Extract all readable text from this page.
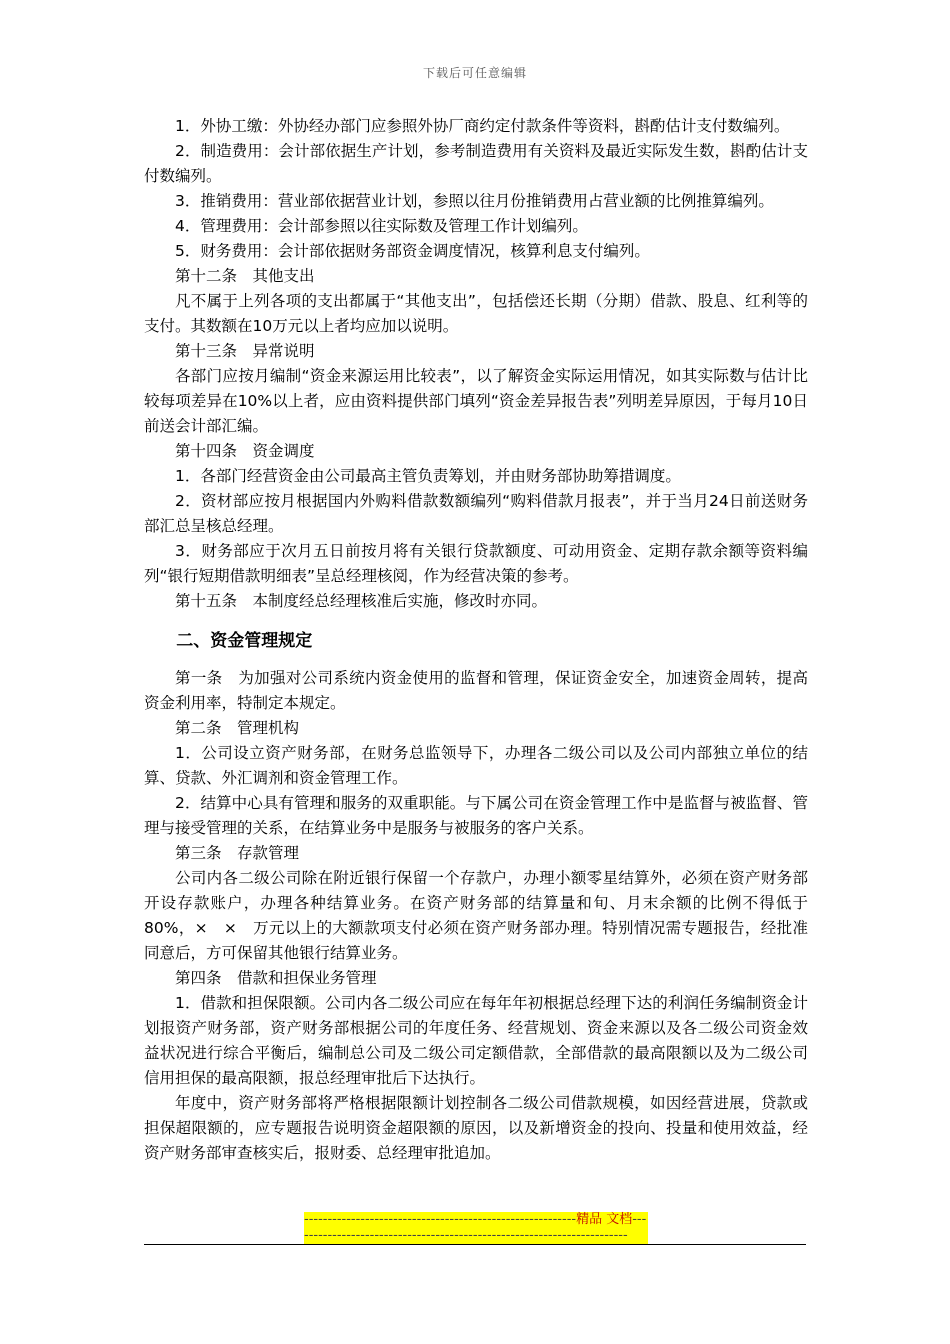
下载后可任意编辑

1．外协工缴：外协经办部门应参照外协厂商约定付款条件等资料，斟酌估计支付数编列。

2．制造费用：会计部依据生产计划，参考制造费用有关资料及最近实际发生数，斟酌估计支付数编列。

3．推销费用：营业部依据营业计划，参照以往月份推销费用占营业额的比例推算编列。

4．管理费用：会计部参照以往实际数及管理工作计划编列。

5．财务费用：会计部依据财务部资金调度情况，核算利息支付编列。

第十二条　其他支出

凡不属于上列各项的支出都属于“其他支出”，包括偿还长期（分期）借款、股息、红利等的支付。其数额在10万元以上者均应加以说明。

第十三条　异常说明

各部门应按月编制“资金来源运用比较表”，以了解资金实际运用情况，如其实际数与估计比较每项差异在10%以上者，应由资料提供部门填列“资金差异报告表”列明差异原因，于每月10日前送会计部汇编。

第十四条　资金调度

1．各部门经营资金由公司最高主管负责筹划，并由财务部协助筹措调度。

2．资材部应按月根据国内外购料借款数额编列“购料借款月报表”，并于当月24日前送财务部汇总呈核总经理。

3．财务部应于次月五日前按月将有关银行贷款额度、可动用资金、定期存款余额等资料编列“银行短期借款明细表”呈总经理核阅，作为经营决策的参考。

第十五条　本制度经总经理核准后实施，修改时亦同。

二、资金管理规定

第一条　为加强对公司系统内资金使用的监督和管理，保证资金安全，加速资金周转，提高资金利用率，特制定本规定。

第二条　管理机构

1．公司设立资产财务部，在财务总监领导下，办理各二级公司以及公司内部独立单位的结算、贷款、外汇调剂和资金管理工作。

2．结算中心具有管理和服务的双重职能。与下属公司在资金管理工作中是监督与被监督、管理与接受管理的关系，在结算业务中是服务与被服务的客户关系。

第三条　存款管理

公司内各二级公司除在附近银行保留一个存款户，办理小额零星结算外，必须在资产财务部开设存款账户，办理各种结算业务。在资产财务部的结算量和旬、月末余额的比例不得低于80%，×　×　万元以上的大额款项支付必须在资产财务部办理。特别情况需专题报告，经批准同意后，方可保留其他银行结算业务。

第四条　借款和担保业务管理

1．借款和担保限额。公司内各二级公司应在每年年初根据总经理下达的利润任务编制资金计划报资产财务部，资产财务部根据公司的年度任务、经营规划、资金来源以及各二级公司资金效益状况进行综合平衡后，编制总公司及二级公司定额借款，全部借款的最高限额以及为二级公司信用担保的最高限额，报总经理审批后下达执行。

年度中，资产财务部将严格根据限额计划控制各二级公司借款规模，如因经营进展，贷款或担保超限额的，应专题报告说明资金超限额的原因，以及新增资金的投向、投量和使用效益，经资产财务部审查核实后，报财委、总经理审批追加。

----------------------------------------------------------精品 文档------------------------------------------------------------------------
